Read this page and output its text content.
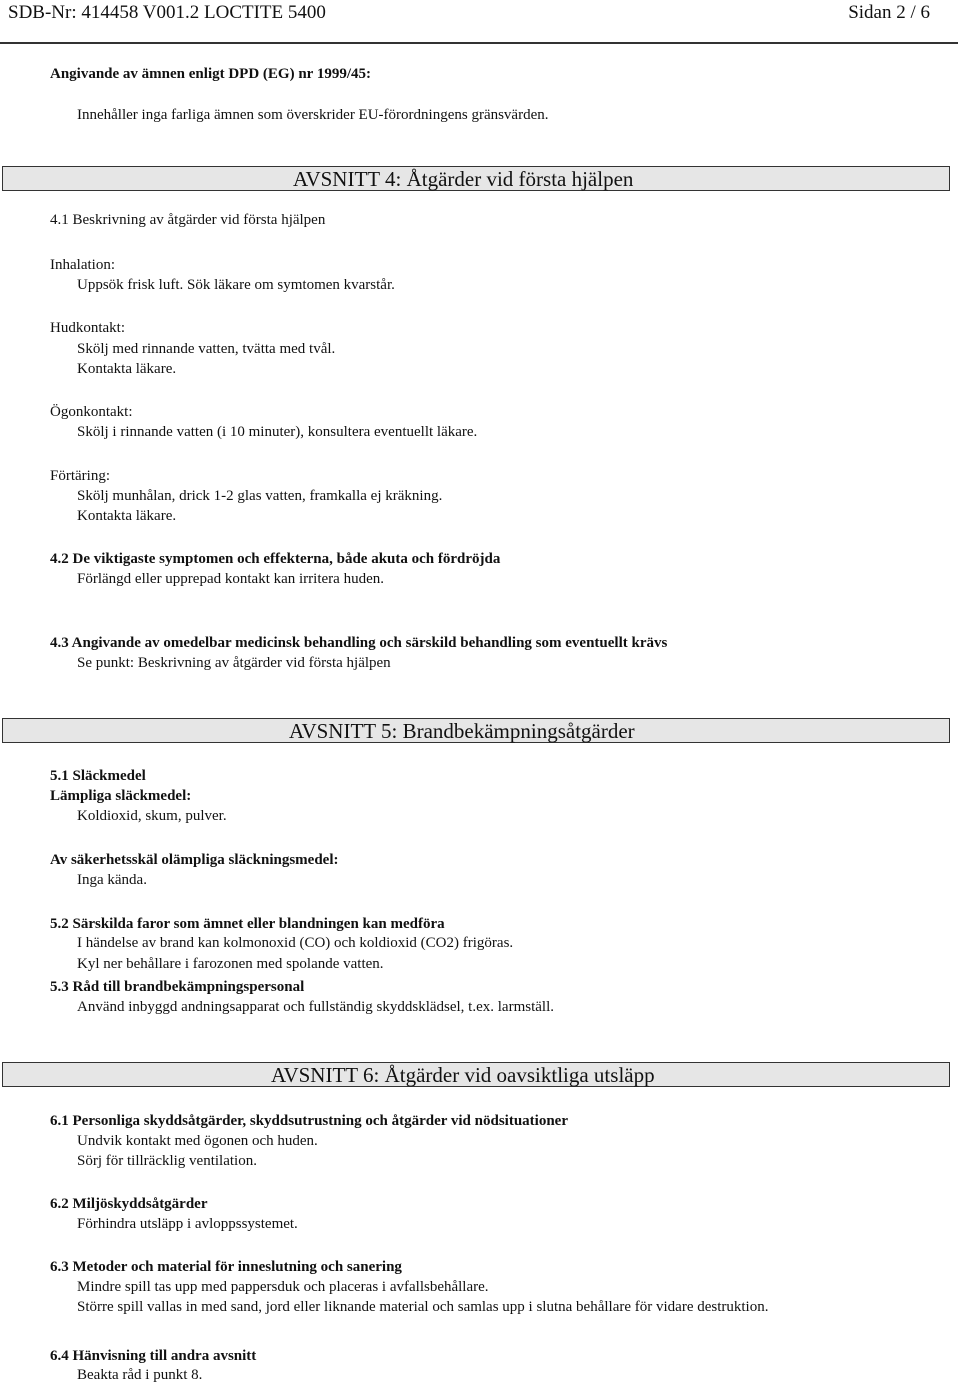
SDB-Nr: 414458 V001.2 LOCTITE 5400	Sidan 2 / 6
Angivande av ämnen enligt DPD (EG) nr 1999/45:
Innehåller inga farliga ämnen som överskrider EU-förordningens gränsvärden.
AVSNITT 4: Åtgärder vid första hjälpen
4.1 Beskrivning av åtgärder vid första hjälpen
Inhalation:
Uppsök frisk luft. Sök läkare om symtomen kvarstår.
Hudkontakt:
Skölj med rinnande vatten, tvätta med tvål.
Kontakta läkare.
Ögonkontakt:
Skölj i rinnande vatten (i 10 minuter), konsultera eventuellt läkare.
Förtäring:
Skölj munhålan, drick 1-2 glas vatten, framkalla ej kräkning.
Kontakta läkare.
4.2 De viktigaste symptomen och effekterna, både akuta och fördröjda
Förlängd eller upprepad kontakt kan irritera huden.
4.3 Angivande av omedelbar medicinsk behandling och särskild behandling som eventuellt krävs
Se punkt: Beskrivning av åtgärder vid första hjälpen
AVSNITT 5: Brandbekämpningsåtgärder
5.1 Släckmedel
Lämpliga släckmedel:
Koldioxid, skum, pulver.
Av säkerhetsskäl olämpliga släckningsmedel:
Inga kända.
5.2 Särskilda faror som ämnet eller blandningen kan medföra
I händelse av brand kan kolmonoxid (CO) och koldioxid (CO2) frigöras.
Kyl ner behållare i farozonen med spolande vatten.
5.3 Råd till brandbekämpningspersonal
Använd inbyggd andningsapparat och fullständig skyddsklädsel, t.ex. larmställ.
AVSNITT 6: Åtgärder vid oavsiktliga utsläpp
6.1 Personliga skyddsåtgärder, skyddsutrustning och åtgärder vid nödsituationer
Undvik kontakt med ögonen och huden.
Sörj för tillräcklig ventilation.
6.2 Miljöskyddsåtgärder
Förhindra utsläpp i avloppssystemet.
6.3 Metoder och material för inneslutning och sanering
Mindre spill tas upp med pappersduk och placeras i avfallsbehållare.
Större spill vallas in med sand, jord eller liknande material och samlas upp i slutna behållare för vidare destruktion.
6.4 Hänvisning till andra avsnitt
Beakta råd i punkt 8.
